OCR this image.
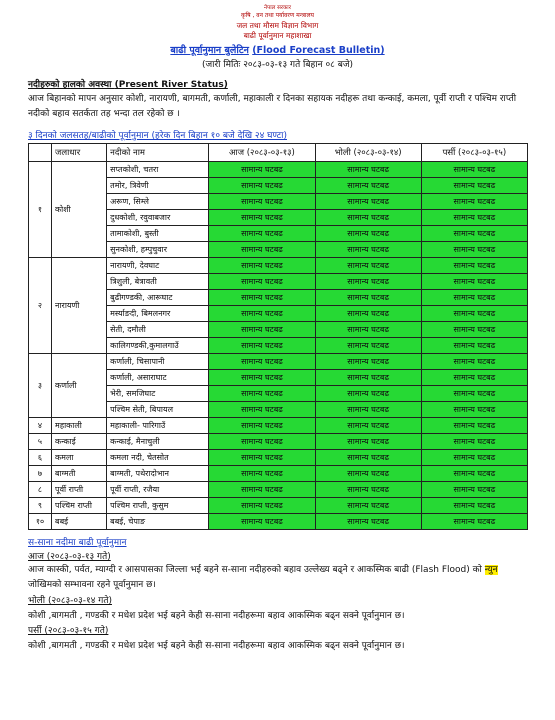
नेपाल सरकार
कृषि , वन तथा पर्यावरण मन्त्रालय
जल तथा मौसम विज्ञान विभाग
बाढी पूर्वानुमान महाशाखा
बाढी पूर्वानुमान बुलेटिन (Flood Forecast Bulletin)
(जारी मितिः २०८३-०३-१३ गते बिहान ०८ बजे)
नदीहरुको हालको अवस्था (Present River Status)
आज बिहानको मापन अनुसार कोशी, नारायणी, बागमती, कर्णाली, महाकाली र दिनका सहायक नदीहरू तथा कन्काई, कमला, पूर्वी राप्ती र पश्चिम राप्ती नदीको बहाव सतर्कता तह भन्दा तल रहेको छ ।
३ दिनको जलसतह/बाढीको पूर्वानुमान (हरेक दिन बिहान १० बजे देखि २४ घण्टा)
	जलाधार	नदीको नाम	आज (२०८३-०३-१३)	भोली (२०८३-०३-१४)	पर्सी (२०८३-०३-१५)
१	कोशी	सप्तकोशी, चतरा	सामान्य घटबढ	सामान्य घटबढ	सामान्य घटबढ
		तमोर, त्रिवेणी	सामान्य घटबढ	सामान्य घटबढ	सामान्य घटबढ
		अरूण, सिम्ले	सामान्य घटबढ	सामान्य घटबढ	सामान्य घटबढ
		दुधकोशी, रवुवाबजार	सामान्य घटबढ	सामान्य घटबढ	सामान्य घटबढ
		तामाकोशी, बुस्ती	सामान्य घटबढ	सामान्य घटबढ	सामान्य घटबढ
		सुनकोशी, हम्पुचुवार	सामान्य घटबढ	सामान्य घटबढ	सामान्य घटबढ
२	नारायणी	नारायणी, देवघाट	सामान्य घटबढ	सामान्य घटबढ	सामान्य घटबढ
		त्रिशुली, बेत्रावती	सामान्य घटबढ	सामान्य घटबढ	सामान्य घटबढ
		बुढीगण्डकी, आरूघाट	सामान्य घटबढ	सामान्य घटबढ	सामान्य घटबढ
		मर्स्याङदी, बिमलनगर	सामान्य घटबढ	सामान्य घटबढ	सामान्य घटबढ
		सेती, दमौली	सामान्य घटबढ	सामान्य घटबढ	सामान्य घटबढ
		कालिगण्डकी,कुमालगाउँ	सामान्य घटबढ	सामान्य घटबढ	सामान्य घटबढ
३	कर्णाली	कर्णाली, चिसापानी	सामान्य घटबढ	सामान्य घटबढ	सामान्य घटबढ
		कर्णाली, असाराघाट	सामान्य घटबढ	सामान्य घटबढ	सामान्य घटबढ
		भेरी, समजिघाट	सामान्य घटबढ	सामान्य घटबढ	सामान्य घटबढ
		पश्चिम सेती, बिपायल	सामान्य घटबढ	सामान्य घटबढ	सामान्य घटबढ
४	महाकाली	महाकाली- पारिगाउँ	सामान्य घटबढ	सामान्य घटबढ	सामान्य घटबढ
५	कन्काई	कन्काई, मैनाचुली	सामान्य घटबढ	सामान्य घटबढ	सामान्य घटबढ
६	कमला	कमला नदी, चेतसोत	सामान्य घटबढ	सामान्य घटबढ	सामान्य घटबढ
७	बाग्मती	बाग्मती, पथेरादोभान	सामान्य घटबढ	सामान्य घटबढ	सामान्य घटबढ
८	पूर्वी राप्ती	पूर्वी राप्ती, रजैया	सामान्य घटबढ	सामान्य घटबढ	सामान्य घटबढ
९	पश्चिम राप्ती	पश्चिम राप्ती, कुसुम	सामान्य घटबढ	सामान्य घटबढ	सामान्य घटबढ
१०	बबई	बबई, चेपाङ	सामान्य घटबढ	सामान्य घटबढ	सामान्य घटबढ
स-साना नदीमा बाढी पूर्वानुमान
आज (२०८३-०३-१३ गते)
आज कास्की, पर्वत, म्याग्दी र आसपासका जिल्ला भई बहने स-साना नदीहरुको बहाव उल्लेख्य बढ्ने र आकस्मिक बाढी (Flash Flood) को न्युन जोखिमको सम्भावना रहने पूर्वानुमान छ।
भोली (२०८३-०३-१४ गते)
कोशी ,बागमती , गण्डकी र मधेश प्रदेश भई बहने केही स-साना नदीहरूमा बहाव आकस्मिक बढ्न सक्ने पूर्वानुमान छ।
पर्सी (२०८३-०३-१५ गते)
कोशी ,बागमती , गण्डकी र मधेश प्रदेश भई बहने केही स-साना नदीहरूमा बहाव आकस्मिक बढ्न सक्ने पूर्वानुमान छ।
